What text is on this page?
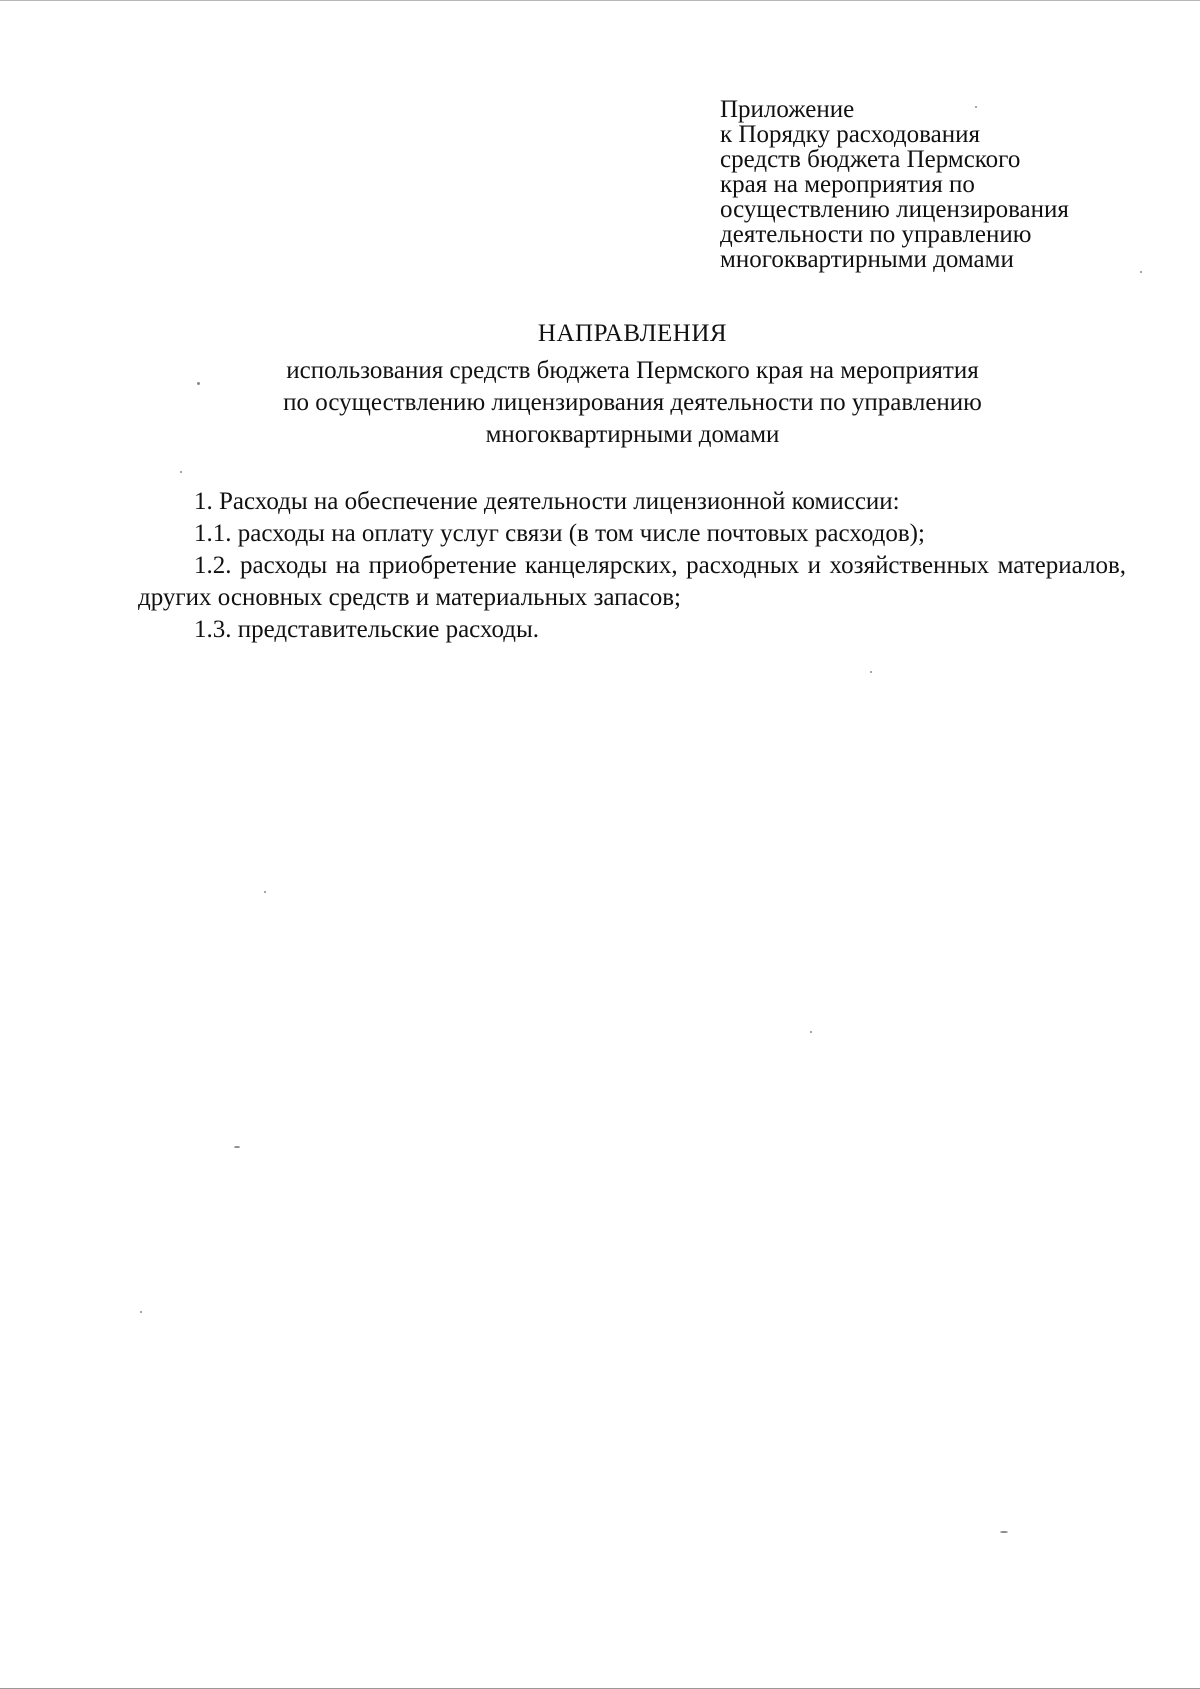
Приложение
к Порядку расходования
средств бюджета Пермского
края на мероприятия по
осуществлению лицензирования
деятельности по управлению
многоквартирными домами
НАПРАВЛЕНИЯ
использования средств бюджета Пермского края на мероприятия
по осуществлению лицензирования деятельности по управлению
многоквартирными домами

1. Расходы на обеспечение деятельности лицензионной комиссии:

1.1. расходы на оплату услуг связи (в том числе почтовых расходов);

1.2. расходы на приобретение канцелярских, расходных и хозяйственных материалов, других основных средств и материальных запасов;

1.3. представительские расходы.
